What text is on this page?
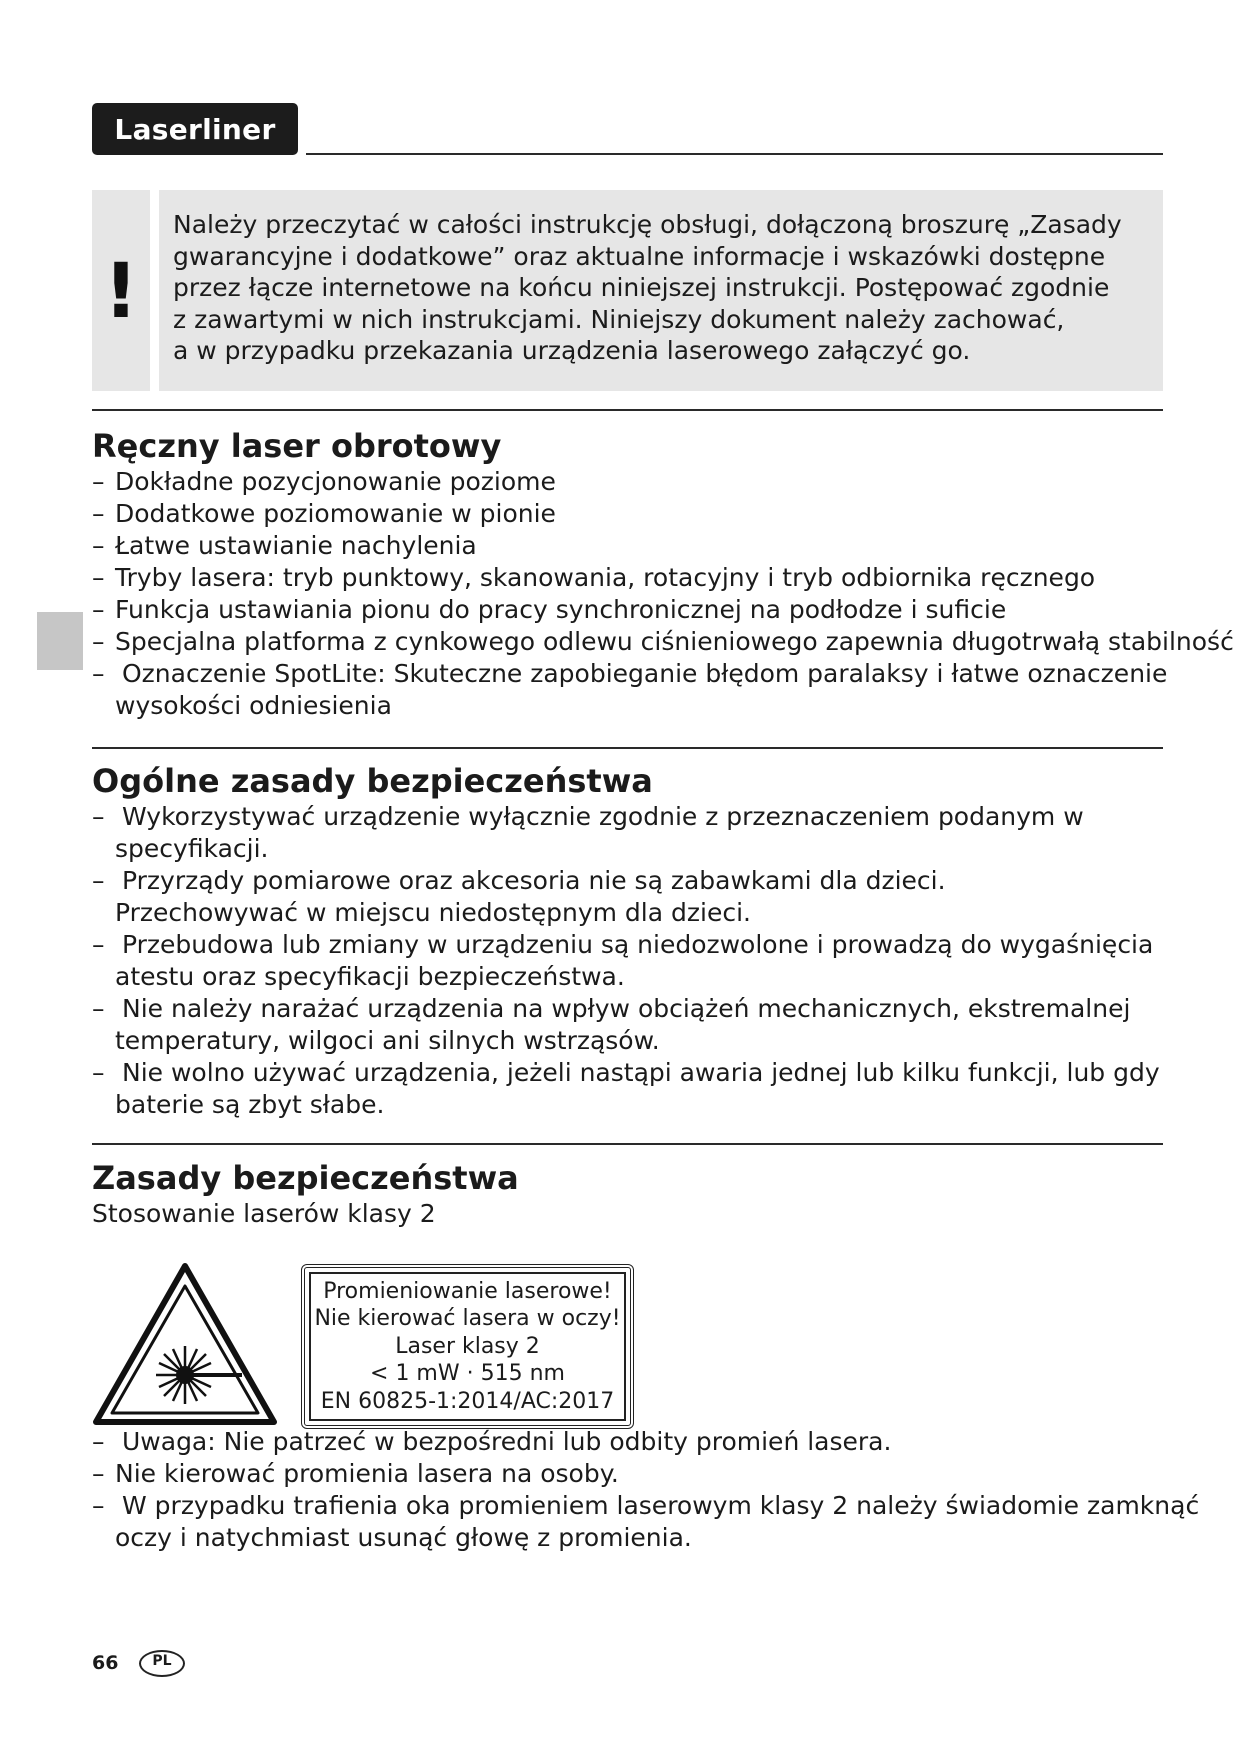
Laserliner
!

Należy przeczytać w całości instrukcję obsługi, dołączoną broszurę „Zasady

gwarancyjne i dodatkowe” oraz aktualne informacje i wskazówki dostępne

przez łącze internetowe na końcu niniejszej instrukcji. Postępować zgodnie

z zawartymi w nich instrukcjami. Niniejszy dokument należy zachować,

a w przypadku przekazania urządzenia laserowego załączyć go.

Ręczny laser obrotowy
– Dokładne pozycjonowanie poziome
– Dodatkowe poziomowanie w pionie
– Łatwe ustawianie nachylenia
– Tryby lasera: tryb punktowy, skanowania, rotacyjny i tryb odbiornika ręcznego
– Funkcja ustawiania pionu do pracy synchronicznej na podłodze i suficie
– Specjalna platforma z cynkowego odlewu ciśnieniowego zapewnia długotrwałą stabilność
– Oznaczenie SpotLite: Skuteczne zapobieganie błędom paralaksy i łatwe oznaczenie
wysokości odniesienia
Ogólne zasady bezpieczeństwa
– Wykorzystywać urządzenie wyłącznie zgodnie z przeznaczeniem podanym w
specyfikacji.
– Przyrządy pomiarowe oraz akcesoria nie są zabawkami dla dzieci.
Przechowywać w miejscu niedostępnym dla dzieci.
– Przebudowa lub zmiany w urządzeniu są niedozwolone i prowadzą do wygaśnięcia
atestu oraz specyfikacji bezpieczeństwa.
– Nie należy narażać urządzenia na wpływ obciążeń mechanicznych, ekstremalnej
temperatury, wilgoci ani silnych wstrząsów.
– Nie wolno używać urządzenia, jeżeli nastąpi awaria jednej lub kilku funkcji, lub gdy
baterie są zbyt słabe.
Zasady bezpieczeństwa

Stosowanie laserów klasy 2

Promieniowanie laserowe!
Nie kierować lasera w oczy!
Laser klasy 2
< 1 mW · 515 nm
EN 60825-1:2014/AC:2017
– Uwaga: Nie patrzeć w bezpośredni lub odbity promień lasera.
– Nie kierować promienia lasera na osoby.
– W przypadku trafienia oka promieniem laserowym klasy 2 należy świadomie zamknąć
oczy i natychmiast usunąć głowę z promienia.
66	PL
